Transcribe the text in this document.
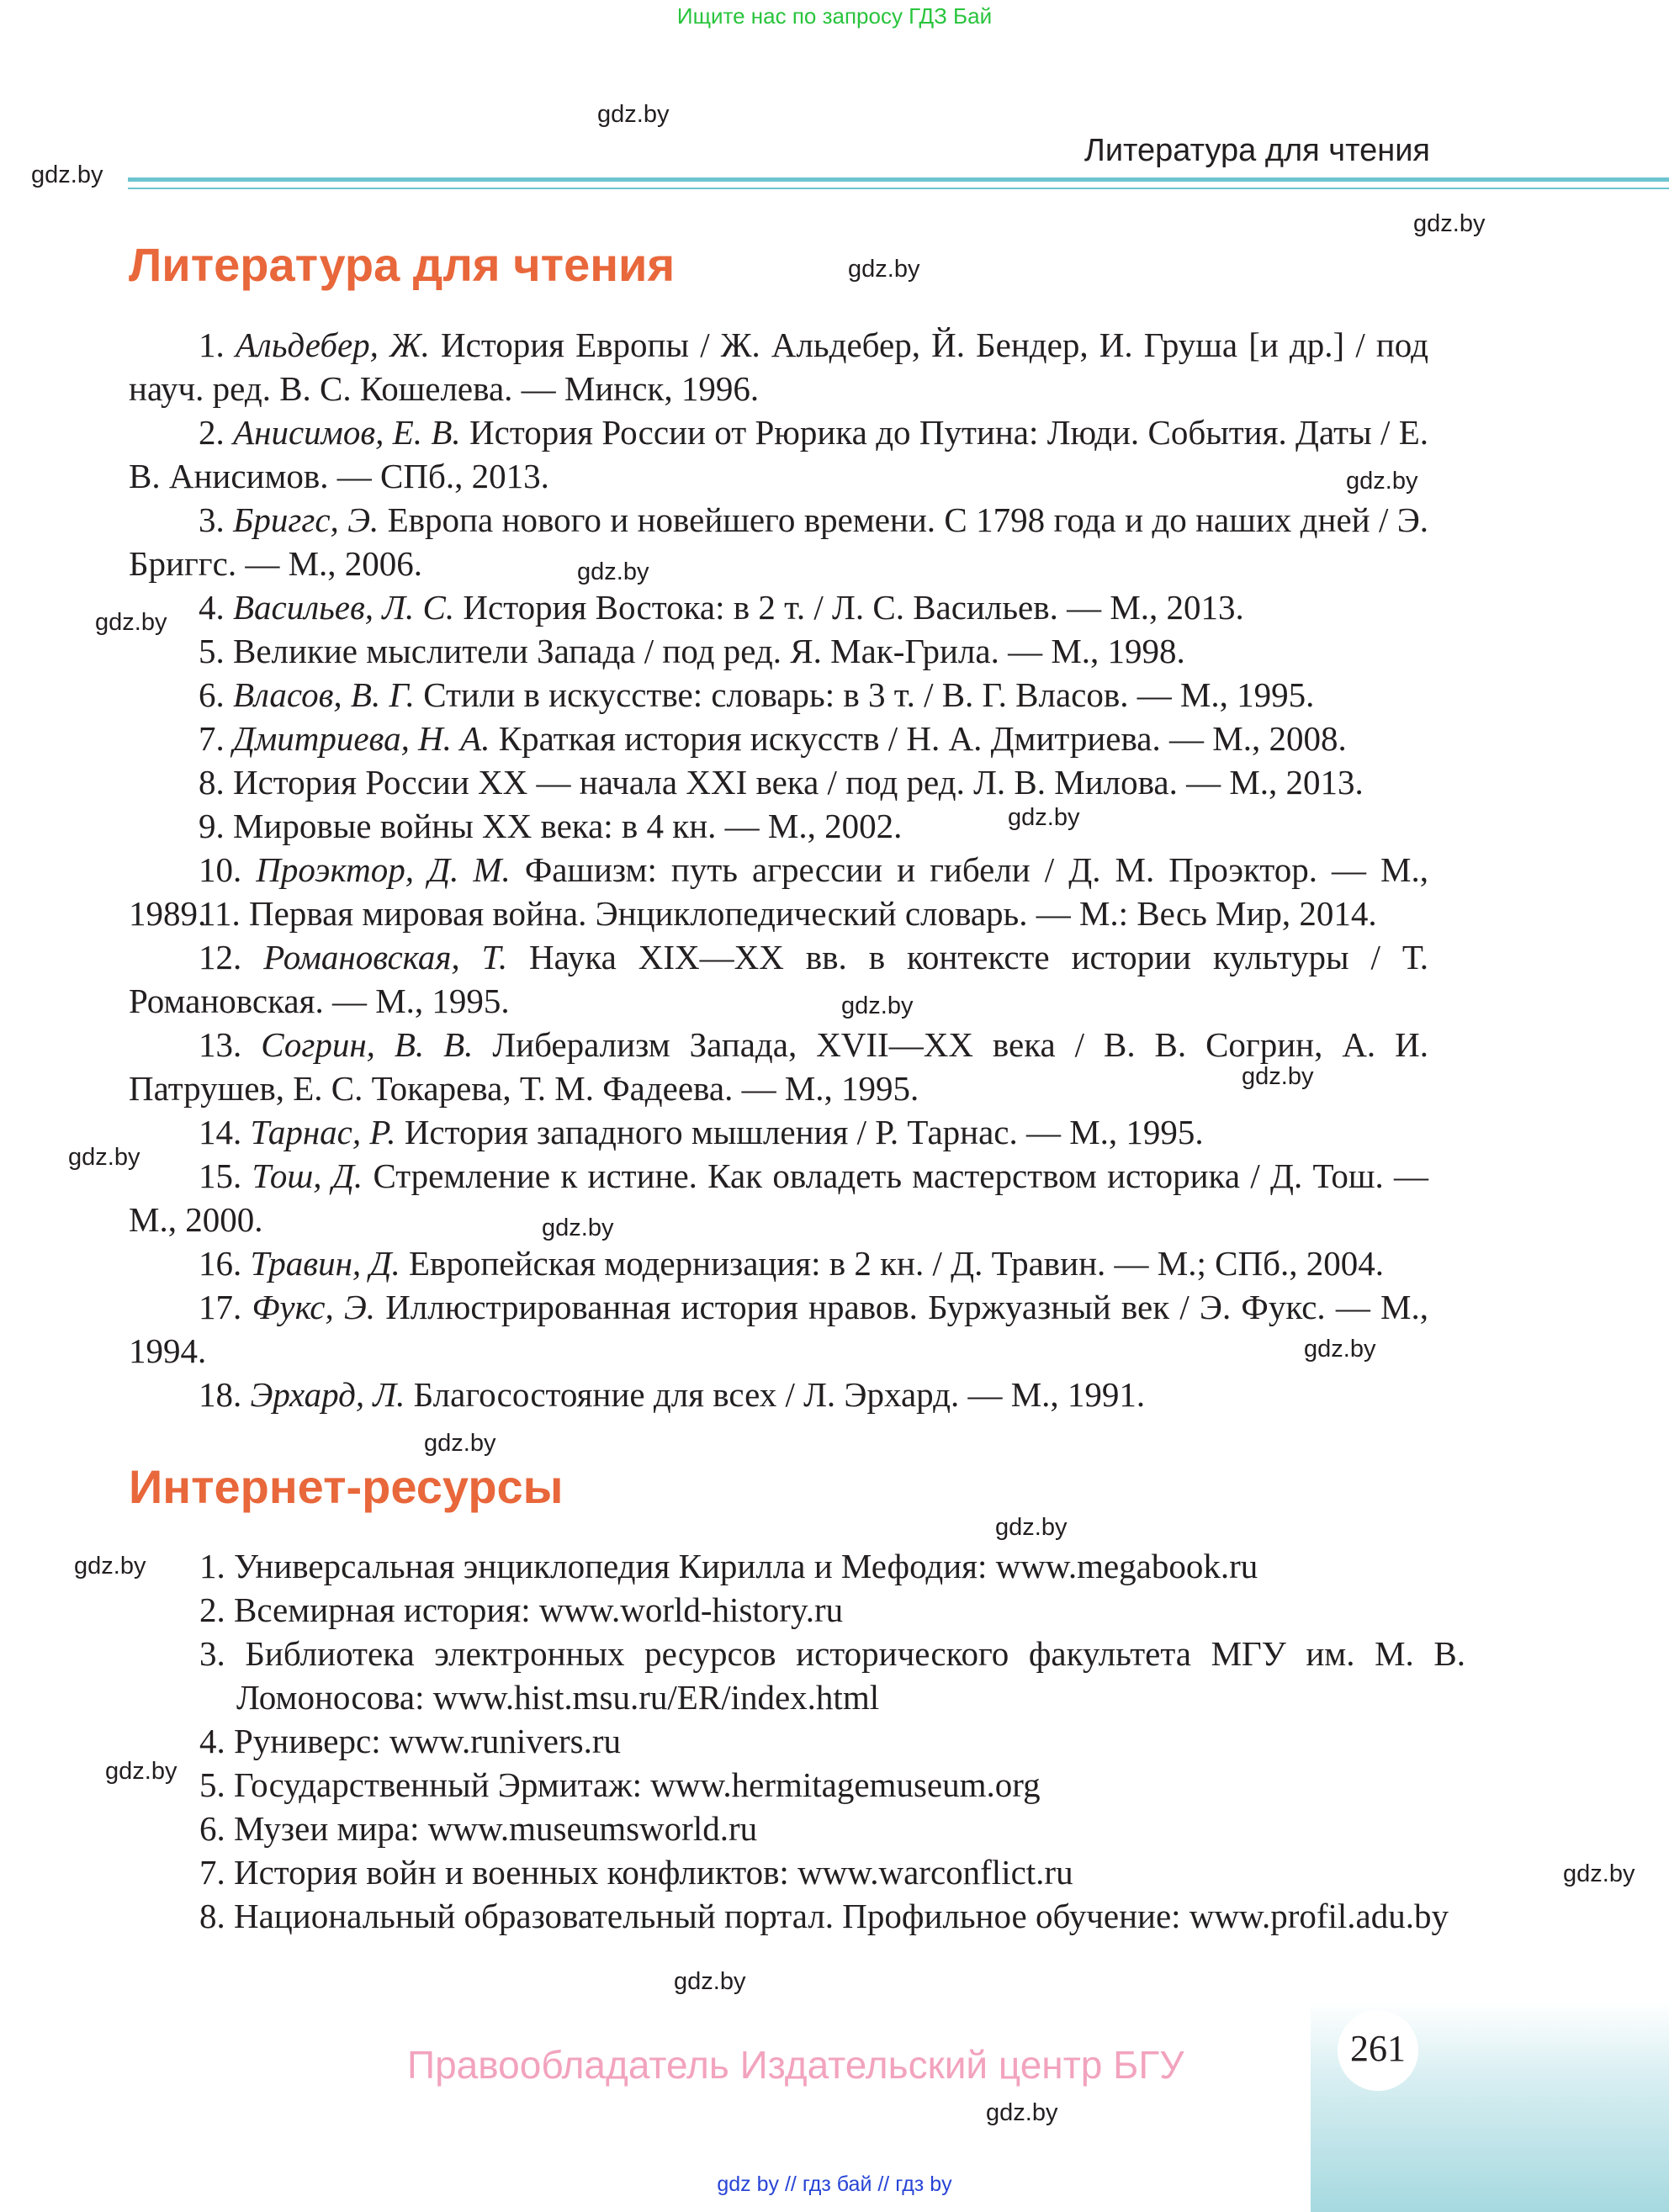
Ищите нас по запросу ГДЗ Бай
Литература для чтения
Литература для чтения
1. Альдебер, Ж. История Европы / Ж. Альдебер, Й. Бендер, И. Груша [и др.] / под науч. ред. В. С. Кошелева. — Минск, 1996.
2. Анисимов, Е. В. История России от Рюрика до Путина: Люди. События. Даты / Е. В. Анисимов. — СПб., 2013.
3. Бриггс, Э. Европа нового и новейшего времени. С 1798 года и до наших дней / Э. Бриггс. — М., 2006.
4. Васильев, Л. С. История Востока: в 2 т. / Л. С. Васильев. — М., 2013.
5. Великие мыслители Запада / под ред. Я. Мак-Грила. — М., 1998.
6. Власов, В. Г. Стили в искусстве: словарь: в 3 т. / В. Г. Власов. — М., 1995.
7. Дмитриева, Н. А. Краткая история искусств / Н. А. Дмитриева. — М., 2008.
8. История России XX — начала XXI века / под ред. Л. В. Милова. — М., 2013.
9. Мировые войны XX века: в 4 кн. — М., 2002.
10. Проэктор, Д. М. Фашизм: путь агрессии и гибели / Д. М. Проэктор. — М., 1989.
11. Первая мировая война. Энциклопедический словарь. — М.: Весь Мир, 2014.
12. Романовская, Т. Наука XIX—XX вв. в контексте истории культуры / Т. Романовская. — М., 1995.
13. Согрин, В. В. Либерализм Запада, XVII—XX века / В. В. Согрин, А. И. Патрушев, Е. С. Токарева, Т. М. Фадеева. — М., 1995.
14. Тарнас, Р. История западного мышления / Р. Тарнас. — М., 1995.
15. Тош, Д. Стремление к истине. Как овладеть мастерством историка / Д. Тош. — М., 2000.
16. Травин, Д. Европейская модернизация: в 2 кн. / Д. Травин. — М.; СПб., 2004.
17. Фукс, Э. Иллюстрированная история нравов. Буржуазный век / Э. Фукс. — М., 1994.
18. Эрхард, Л. Благосостояние для всех / Л. Эрхард. — М., 1991.
Интернет-ресурсы
1. Универсальная энциклопедия Кирилла и Мефодия: www.megabook.ru
2. Всемирная история: www.world-history.ru
3. Библиотека электронных ресурсов исторического факультета МГУ им. М. В. Ломоносова: www.hist.msu.ru/ER/index.html
4. Руниверс: www.runivers.ru
5. Государственный Эрмитаж: www.hermitagemuseum.org
6. Музеи мира: www.museumsworld.ru
7. История войн и военных конфликтов: www.warconflict.ru
8. Национальный образовательный портал. Профильное обучение: www.profil.adu.by
gdz.by
gdz.by
gdz.by
gdz.by
gdz.by
gdz.by
gdz.by
gdz.by
gdz.by
gdz.by
gdz.by
gdz.by
gdz.by
gdz.by
gdz.by
gdz.by
gdz.by
gdz.by
gdz.by
261
Правообладатель Издательский центр БГУ
gdz.by
gdz by // гдз бай // гдз by
